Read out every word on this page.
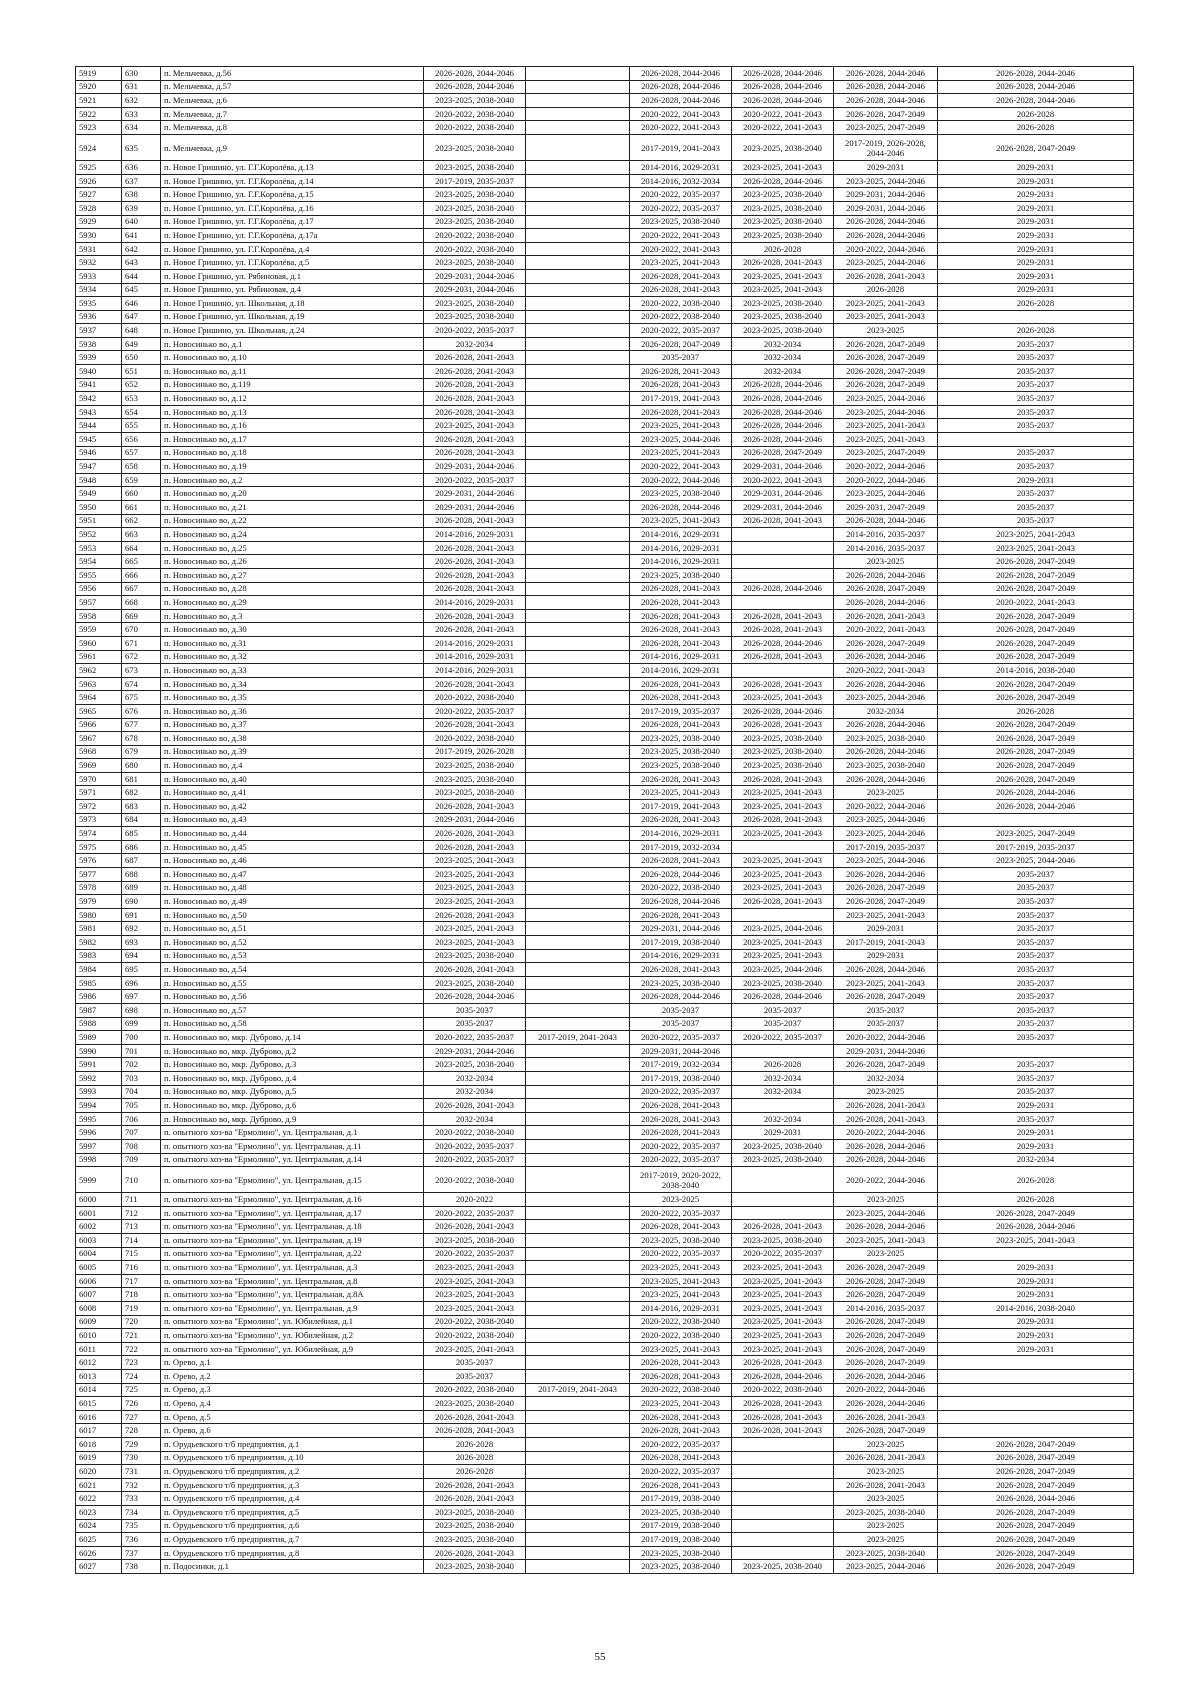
5919	630	п. Мельчевка, д.56	2026-2028, 2044-2046		2026-2028, 2044-2046	2026-2028, 2044-2046	2026-2028, 2044-2046	2026-2028, 2044-2046
5920	631	п. Мельчевка, д.57	2026-2028, 2044-2046		2026-2028, 2044-2046	2026-2028, 2044-2046	2026-2028, 2044-2046	2026-2028, 2044-2046
5921	632	п. Мельчевка, д.6	2023-2025, 2038-2040		2026-2028, 2044-2046	2026-2028, 2044-2046	2026-2028, 2044-2046	2026-2028, 2044-2046
5922	633	п. Мельчевка, д.7	2020-2022, 2038-2040		2020-2022, 2041-2043	2020-2022, 2041-2043	2026-2028, 2047-2049	2026-2028
5923	634	п. Мельчевка, д.8	2020-2022, 2038-2040		2020-2022, 2041-2043	2020-2022, 2041-2043	2023-2025, 2047-2049	2026-2028
5924	635	п. Мельчевка, д.9	2023-2025, 2038-2040		2017-2019, 2041-2043	2023-2025, 2038-2040	2017-2019, 2026-2028, 2044-2046	2026-2028, 2047-2049
5925	636	п. Новое Гришино, ул. Г.Г.Королёва, д.13	2023-2025, 2038-2040		2014-2016, 2029-2031	2023-2025, 2041-2043	2029-2031	2029-2031
5926	637	п. Новое Гришино, ул. Г.Г.Королёва, д.14	2017-2019, 2035-2037		2014-2016, 2032-2034	2026-2028, 2044-2046	2023-2025, 2044-2046	2029-2031
5927	638	п. Новое Гришино, ул. Г.Г.Королёва, д.15	2023-2025, 2038-2040		2020-2022, 2035-2037	2023-2025, 2038-2040	2029-2031, 2044-2046	2029-2031
5928	639	п. Новое Гришино, ул. Г.Г.Королёва, д.16	2023-2025, 2038-2040		2020-2022, 2035-2037	2023-2025, 2038-2040	2029-2031, 2044-2046	2029-2031
5929	640	п. Новое Гришино, ул. Г.Г.Королёва, д.17	2023-2025, 2038-2040		2023-2025, 2038-2040	2023-2025, 2038-2040	2026-2028, 2044-2046	2029-2031
5930	641	п. Новое Гришино, ул. Г.Г.Королёва, д.17а	2020-2022, 2038-2040		2020-2022, 2041-2043	2023-2025, 2038-2040	2026-2028, 2044-2046	2029-2031
5931	642	п. Новое Гришино, ул. Г.Г.Королёва, д.4	2020-2022, 2038-2040		2020-2022, 2041-2043	2026-2028	2020-2022, 2044-2046	2029-2031
5932	643	п. Новое Гришино, ул. Г.Г.Королёва, д.5	2023-2025, 2038-2040		2023-2025, 2041-2043	2026-2028, 2041-2043	2023-2025, 2044-2046	2029-2031
5933	644	п. Новое Гришино, ул. Рябиновая, д.1	2029-2031, 2044-2046		2026-2028, 2041-2043	2023-2025, 2041-2043	2026-2028, 2041-2043	2029-2031
5934	645	п. Новое Гришино, ул. Рябиновая, д.4	2029-2031, 2044-2046		2026-2028, 2041-2043	2023-2025, 2041-2043	2026-2028	2029-2031
5935	646	п. Новое Гришино, ул. Школьная, д.18	2023-2025, 2038-2040		2020-2022, 2038-2040	2023-2025, 2038-2040	2023-2025, 2041-2043	2026-2028
5936	647	п. Новое Гришино, ул. Школьная, д.19	2023-2025, 2038-2040		2020-2022, 2038-2040	2023-2025, 2038-2040	2023-2025, 2041-2043	
5937	648	п. Новое Гришино, ул. Школьная, д.24	2020-2022, 2035-2037		2020-2022, 2035-2037	2023-2025, 2038-2040	2023-2025	2026-2028
5938	649	п. Новосинько во, д.1	2032-2034		2026-2028, 2047-2049	2032-2034	2026-2028, 2047-2049	2035-2037
5939	650	п. Новосинько во, д.10	2026-2028, 2041-2043		2035-2037	2032-2034	2026-2028, 2047-2049	2035-2037
5940	651	п. Новосинько во, д.11	2026-2028, 2041-2043		2026-2028, 2041-2043	2032-2034	2026-2028, 2047-2049	2035-2037
5941	652	п. Новосинько во, д.119	2026-2028, 2041-2043		2026-2028, 2041-2043	2026-2028, 2044-2046	2026-2028, 2047-2049	2035-2037
5942	653	п. Новосинько во, д.12	2026-2028, 2041-2043		2017-2019, 2041-2043	2026-2028, 2044-2046	2023-2025, 2044-2046	2035-2037
5943	654	п. Новосинько во, д.13	2026-2028, 2041-2043		2026-2028, 2041-2043	2026-2028, 2044-2046	2023-2025, 2044-2046	2035-2037
5944	655	п. Новосинько во, д.16	2023-2025, 2041-2043		2023-2025, 2041-2043	2026-2028, 2044-2046	2023-2025, 2041-2043	2035-2037
5945	656	п. Новосинько во, д.17	2026-2028, 2041-2043		2023-2025, 2044-2046	2026-2028, 2044-2046	2023-2025, 2041-2043	
5946	657	п. Новосинько во, д.18	2026-2028, 2041-2043		2023-2025, 2041-2043	2026-2028, 2047-2049	2023-2025, 2047-2049	2035-2037
5947	658	п. Новосинько во, д.19	2029-2031, 2044-2046		2020-2022, 2041-2043	2029-2031, 2044-2046	2020-2022, 2044-2046	2035-2037
5948	659	п. Новосинько во, д.2	2020-2022, 2035-2037		2020-2022, 2044-2046	2020-2022, 2041-2043	2020-2022, 2044-2046	2029-2031
5949	660	п. Новосинько во, д.20	2029-2031, 2044-2046		2023-2025, 2038-2040	2029-2031, 2044-2046	2023-2025, 2044-2046	2035-2037
5950	661	п. Новосинько во, д.21	2029-2031, 2044-2046		2026-2028, 2044-2046	2029-2031, 2044-2046	2029-2031, 2047-2049	2035-2037
5951	662	п. Новосинько во, д.22	2026-2028, 2041-2043		2023-2025, 2041-2043	2026-2028, 2041-2043	2026-2028, 2044-2046	2035-2037
5952	663	п. Новосинько во, д.24	2014-2016, 2029-2031		2014-2016, 2029-2031		2014-2016, 2035-2037	2023-2025, 2041-2043
5953	664	п. Новосинько во, д.25	2026-2028, 2041-2043		2014-2016, 2029-2031		2014-2016, 2035-2037	2023-2025, 2041-2043
5954	665	п. Новосинько во, д.26	2026-2028, 2041-2043		2014-2016, 2029-2031		2023-2025	2026-2028, 2047-2049
5955	666	п. Новосинько во, д.27	2026-2028, 2041-2043		2023-2025, 2038-2040		2026-2028, 2044-2046	2026-2028, 2047-2049
5956	667	п. Новосинько во, д.28	2026-2028, 2041-2043		2026-2028, 2041-2043	2026-2028, 2044-2046	2026-2028, 2047-2049	2026-2028, 2047-2049
5957	668	п. Новосинько во, д.29	2014-2016, 2029-2031		2026-2028, 2041-2043		2026-2028, 2044-2046	2020-2022, 2041-2043
5958	669	п. Новосинько во, д.3	2026-2028, 2041-2043		2026-2028, 2041-2043	2026-2028, 2041-2043	2026-2028, 2041-2043	2026-2028, 2047-2049
5959	670	п. Новосинько во, д.30	2026-2028, 2041-2043		2026-2028, 2041-2043	2026-2028, 2041-2043	2020-2022, 2041-2043	2026-2028, 2047-2049
5960	671	п. Новосинько во, д.31	2014-2016, 2029-2031		2026-2028, 2041-2043	2026-2028, 2044-2046	2026-2028, 2047-2049	2026-2028, 2047-2049
5961	672	п. Новосинько во, д.32	2014-2016, 2029-2031		2014-2016, 2029-2031	2026-2028, 2041-2043	2026-2028, 2044-2046	2026-2028, 2047-2049
5962	673	п. Новосинько во, д.33	2014-2016, 2029-2031		2014-2016, 2029-2031		2020-2022, 2041-2043	2014-2016, 2038-2040
5963	674	п. Новосинько во, д.34	2026-2028, 2041-2043		2026-2028, 2041-2043	2026-2028, 2041-2043	2026-2028, 2044-2046	2026-2028, 2047-2049
5964	675	п. Новосинько во, д.35	2020-2022, 2038-2040		2026-2028, 2041-2043	2023-2025, 2041-2043	2023-2025, 2044-2046	2026-2028, 2047-2049
5965	676	п. Новосинько во, д.36	2020-2022, 2035-2037		2017-2019, 2035-2037	2026-2028, 2044-2046	2032-2034	2026-2028
5966	677	п. Новосинько во, д.37	2026-2028, 2041-2043		2026-2028, 2041-2043	2026-2028, 2041-2043	2026-2028, 2044-2046	2026-2028, 2047-2049
5967	678	п. Новосинько во, д.38	2020-2022, 2038-2040		2023-2025, 2038-2040	2023-2025, 2038-2040	2023-2025, 2038-2040	2026-2028, 2047-2049
5968	679	п. Новосинько во, д.39	2017-2019, 2026-2028		2023-2025, 2038-2040	2023-2025, 2038-2040	2026-2028, 2044-2046	2026-2028, 2047-2049
5969	680	п. Новосинько во, д.4	2023-2025, 2038-2040		2023-2025, 2038-2040	2023-2025, 2038-2040	2023-2025, 2038-2040	2026-2028, 2047-2049
5970	681	п. Новосинько во, д.40	2023-2025, 2038-2040		2026-2028, 2041-2043	2026-2028, 2041-2043	2026-2028, 2044-2046	2026-2028, 2047-2049
5971	682	п. Новосинько во, д.41	2023-2025, 2038-2040		2023-2025, 2041-2043	2023-2025, 2041-2043	2023-2025	2026-2028, 2044-2046
5972	683	п. Новосинько во, д.42	2026-2028, 2041-2043		2017-2019, 2041-2043	2023-2025, 2041-2043	2020-2022, 2044-2046	2026-2028, 2044-2046
5973	684	п. Новосинько во, д.43	2029-2031, 2044-2046		2026-2028, 2041-2043	2026-2028, 2041-2043	2023-2025, 2044-2046	
5974	685	п. Новосинько во, д.44	2026-2028, 2041-2043		2014-2016, 2029-2031	2023-2025, 2041-2043	2023-2025, 2044-2046	2023-2025, 2047-2049
5975	686	п. Новосинько во, д.45	2026-2028, 2041-2043		2017-2019, 2032-2034		2017-2019, 2035-2037	2017-2019, 2035-2037
5976	687	п. Новосинько во, д.46	2023-2025, 2041-2043		2026-2028, 2041-2043	2023-2025, 2041-2043	2023-2025, 2044-2046	2023-2025, 2044-2046
5977	688	п. Новосинько во, д.47	2023-2025, 2041-2043		2026-2028, 2044-2046	2023-2025, 2041-2043	2026-2028, 2044-2046	2035-2037
5978	689	п. Новосинько во, д.48	2023-2025, 2041-2043		2020-2022, 2038-2040	2023-2025, 2041-2043	2026-2028, 2047-2049	2035-2037
5979	690	п. Новосинько во, д.49	2023-2025, 2041-2043		2026-2028, 2044-2046	2026-2028, 2041-2043	2026-2028, 2047-2049	2035-2037
5980	691	п. Новосинько во, д.50	2026-2028, 2041-2043		2026-2028, 2041-2043		2023-2025, 2041-2043	2035-2037
5981	692	п. Новосинько во, д.51	2023-2025, 2041-2043		2029-2031, 2044-2046	2023-2025, 2044-2046	2029-2031	2035-2037
5982	693	п. Новосинько во, д.52	2023-2025, 2041-2043		2017-2019, 2038-2040	2023-2025, 2041-2043	2017-2019, 2041-2043	2035-2037
5983	694	п. Новосинько во, д.53	2023-2025, 2038-2040		2014-2016, 2029-2031	2023-2025, 2041-2043	2029-2031	2035-2037
5984	695	п. Новосинько во, д.54	2026-2028, 2041-2043		2026-2028, 2041-2043	2023-2025, 2044-2046	2026-2028, 2044-2046	2035-2037
5985	696	п. Новосинько во, д.55	2023-2025, 2038-2040		2023-2025, 2038-2040	2023-2025, 2038-2040	2023-2025, 2041-2043	2035-2037
5986	697	п. Новосинько во, д.56	2026-2028, 2044-2046		2026-2028, 2044-2046	2026-2028, 2044-2046	2026-2028, 2047-2049	2035-2037
5987	698	п. Новосинько во, д.57	2035-2037		2035-2037	2035-2037	2035-2037	2035-2037
5988	699	п. Новосинько во, д.58	2035-2037		2035-2037	2035-2037	2035-2037	2035-2037
5989	700	п. Новосинько во, мкр. Дуброво, д.14	2020-2022, 2035-2037	2017-2019, 2041-2043	2020-2022, 2035-2037	2020-2022, 2035-2037	2020-2022, 2044-2046	2035-2037
5990	701	п. Новосинько во, мкр. Дуброво, д.2	2029-2031, 2044-2046		2029-2031, 2044-2046		2029-2031, 2044-2046	
5991	702	п. Новосинько во, мкр. Дуброво, д.3	2023-2025, 2038-2040		2017-2019, 2032-2034	2026-2028	2026-2028, 2047-2049	2035-2037
5992	703	п. Новосинько во, мкр. Дуброво, д.4	2032-2034		2017-2019, 2038-2040	2032-2034	2032-2034	2035-2037
5993	704	п. Новосинько во, мкр. Дуброво, д.5	2032-2034		2020-2022, 2035-2037	2032-2034	2023-2025	2035-2037
5994	705	п. Новосинько во, мкр. Дуброво, д.6	2026-2028, 2041-2043		2026-2028, 2041-2043		2026-2028, 2041-2043	2029-2031
5995	706	п. Новосинько во, мкр. Дуброво, д.9	2032-2034		2026-2028, 2041-2043	2032-2034	2026-2028, 2041-2043	2035-2037
5996	707	п. опытного хоз-ва "Ермолино", ул. Центральная, д.1	2020-2022, 2038-2040		2026-2028, 2041-2043	2029-2031	2020-2022, 2044-2046	2029-2031
5997	708	п. опытного хоз-ва "Ермолино", ул. Центральная, д.11	2020-2022, 2035-2037		2020-2022, 2035-2037	2023-2025, 2038-2040	2026-2028, 2044-2046	2029-2031
5998	709	п. опытного хоз-ва "Ермолино", ул. Центральная, д.14	2020-2022, 2035-2037		2020-2022, 2035-2037	2023-2025, 2038-2040	2026-2028, 2044-2046	2032-2034
5999	710	п. опытного хоз-ва "Ермолино", ул. Центральная, д.15	2020-2022, 2038-2040		2017-2019, 2020-2022, 2038-2040		2020-2022, 2044-2046	2026-2028
6000	711	п. опытного хоз-ва "Ермолино", ул. Центральная, д.16	2020-2022		2023-2025		2023-2025	2026-2028
6001	712	п. опытного хоз-ва "Ермолино", ул. Центральная, д.17	2020-2022, 2035-2037		2020-2022, 2035-2037		2023-2025, 2044-2046	2026-2028, 2047-2049
6002	713	п. опытного хоз-ва "Ермолино", ул. Центральная, д.18	2026-2028, 2041-2043		2026-2028, 2041-2043	2026-2028, 2041-2043	2026-2028, 2044-2046	2026-2028, 2044-2046
6003	714	п. опытного хоз-ва "Ермолино", ул. Центральная, д.19	2023-2025, 2038-2040		2023-2025, 2038-2040	2023-2025, 2038-2040	2023-2025, 2041-2043	2023-2025, 2041-2043
6004	715	п. опытного хоз-ва "Ермолино", ул. Центральная, д.22	2020-2022, 2035-2037		2020-2022, 2035-2037	2020-2022, 2035-2037	2023-2025	
6005	716	п. опытного хоз-ва "Ермолино", ул. Центральная, д.3	2023-2025, 2041-2043		2023-2025, 2041-2043	2023-2025, 2041-2043	2026-2028, 2047-2049	2029-2031
6006	717	п. опытного хоз-ва "Ермолино", ул. Центральная, д.8	2023-2025, 2041-2043		2023-2025, 2041-2043	2023-2025, 2041-2043	2026-2028, 2047-2049	2029-2031
6007	718	п. опытного хоз-ва "Ермолино", ул. Центральная, д.8А	2023-2025, 2041-2043		2023-2025, 2041-2043	2023-2025, 2041-2043	2026-2028, 2047-2049	2029-2031
6008	719	п. опытного хоз-ва "Ермолино", ул. Центральная, д.9	2023-2025, 2041-2043		2014-2016, 2029-2031	2023-2025, 2041-2043	2014-2016, 2035-2037	2014-2016, 2038-2040
6009	720	п. опытного хоз-ва "Ермолино", ул. Юбилейная, д.1	2020-2022, 2038-2040		2020-2022, 2038-2040	2023-2025, 2041-2043	2026-2028, 2047-2049	2029-2031
6010	721	п. опытного хоз-ва "Ермолино", ул. Юбилейная, д.2	2020-2022, 2038-2040		2020-2022, 2038-2040	2023-2025, 2041-2043	2026-2028, 2047-2049	2029-2031
6011	722	п. опытного хоз-ва "Ермолино", ул. Юбилейная, д.9	2023-2025, 2041-2043		2023-2025, 2041-2043	2023-2025, 2041-2043	2026-2028, 2047-2049	2029-2031
6012	723	п. Орево, д.1	2035-2037		2026-2028, 2041-2043	2026-2028, 2041-2043	2026-2028, 2047-2049	
6013	724	п. Орево, д.2	2035-2037		2026-2028, 2041-2043	2026-2028, 2044-2046	2026-2028, 2044-2046	
6014	725	п. Орево, д.3	2020-2022, 2038-2040	2017-2019, 2041-2043	2020-2022, 2038-2040	2020-2022, 2038-2040	2020-2022, 2044-2046	
6015	726	п. Орево, д.4	2023-2025, 2038-2040		2023-2025, 2041-2043	2026-2028, 2041-2043	2026-2028, 2044-2046	
6016	727	п. Орево, д.5	2026-2028, 2041-2043		2026-2028, 2041-2043	2026-2028, 2041-2043	2026-2028, 2041-2043	
6017	728	п. Орево, д.6	2026-2028, 2041-2043		2026-2028, 2041-2043	2026-2028, 2041-2043	2026-2028, 2047-2049	
6018	729	п. Орудьевского т/б предприятия, д.1	2026-2028		2020-2022, 2035-2037		2023-2025	2026-2028, 2047-2049
6019	730	п. Орудьевского т/б предприятия, д.10	2026-2028		2026-2028, 2041-2043		2026-2028, 2041-2043	2026-2028, 2047-2049
6020	731	п. Орудьевского т/б предприятия, д.2	2026-2028		2020-2022, 2035-2037		2023-2025	2026-2028, 2047-2049
6021	732	п. Орудьевского т/б предприятия, д.3	2026-2028, 2041-2043		2026-2028, 2041-2043		2026-2028, 2041-2043	2026-2028, 2047-2049
6022	733	п. Орудьевского т/б предприятия, д.4	2026-2028, 2041-2043		2017-2019, 2038-2040		2023-2025	2026-2028, 2044-2046
6023	734	п. Орудьевского т/б предприятия, д.5	2023-2025, 2038-2040		2023-2025, 2038-2040		2023-2025, 2038-2040	2026-2028, 2047-2049
6024	735	п. Орудьевского т/б предприятия, д.6	2023-2025, 2038-2040		2017-2019, 2038-2040		2023-2025	2026-2028, 2047-2049
6025	736	п. Орудьевского т/б предприятия, д.7	2023-2025, 2038-2040		2017-2019, 2038-2040		2023-2025	2026-2028, 2047-2049
6026	737	п. Орудьевского т/б предприятия, д.8	2026-2028, 2041-2043		2023-2025, 2038-2040		2023-2025, 2038-2040	2026-2028, 2047-2049
6027	738	п. Подосинки, д.1	2023-2025, 2038-2040		2023-2025, 2038-2040	2023-2025, 2038-2040	2023-2025, 2044-2046	2026-2028, 2047-2049
55
